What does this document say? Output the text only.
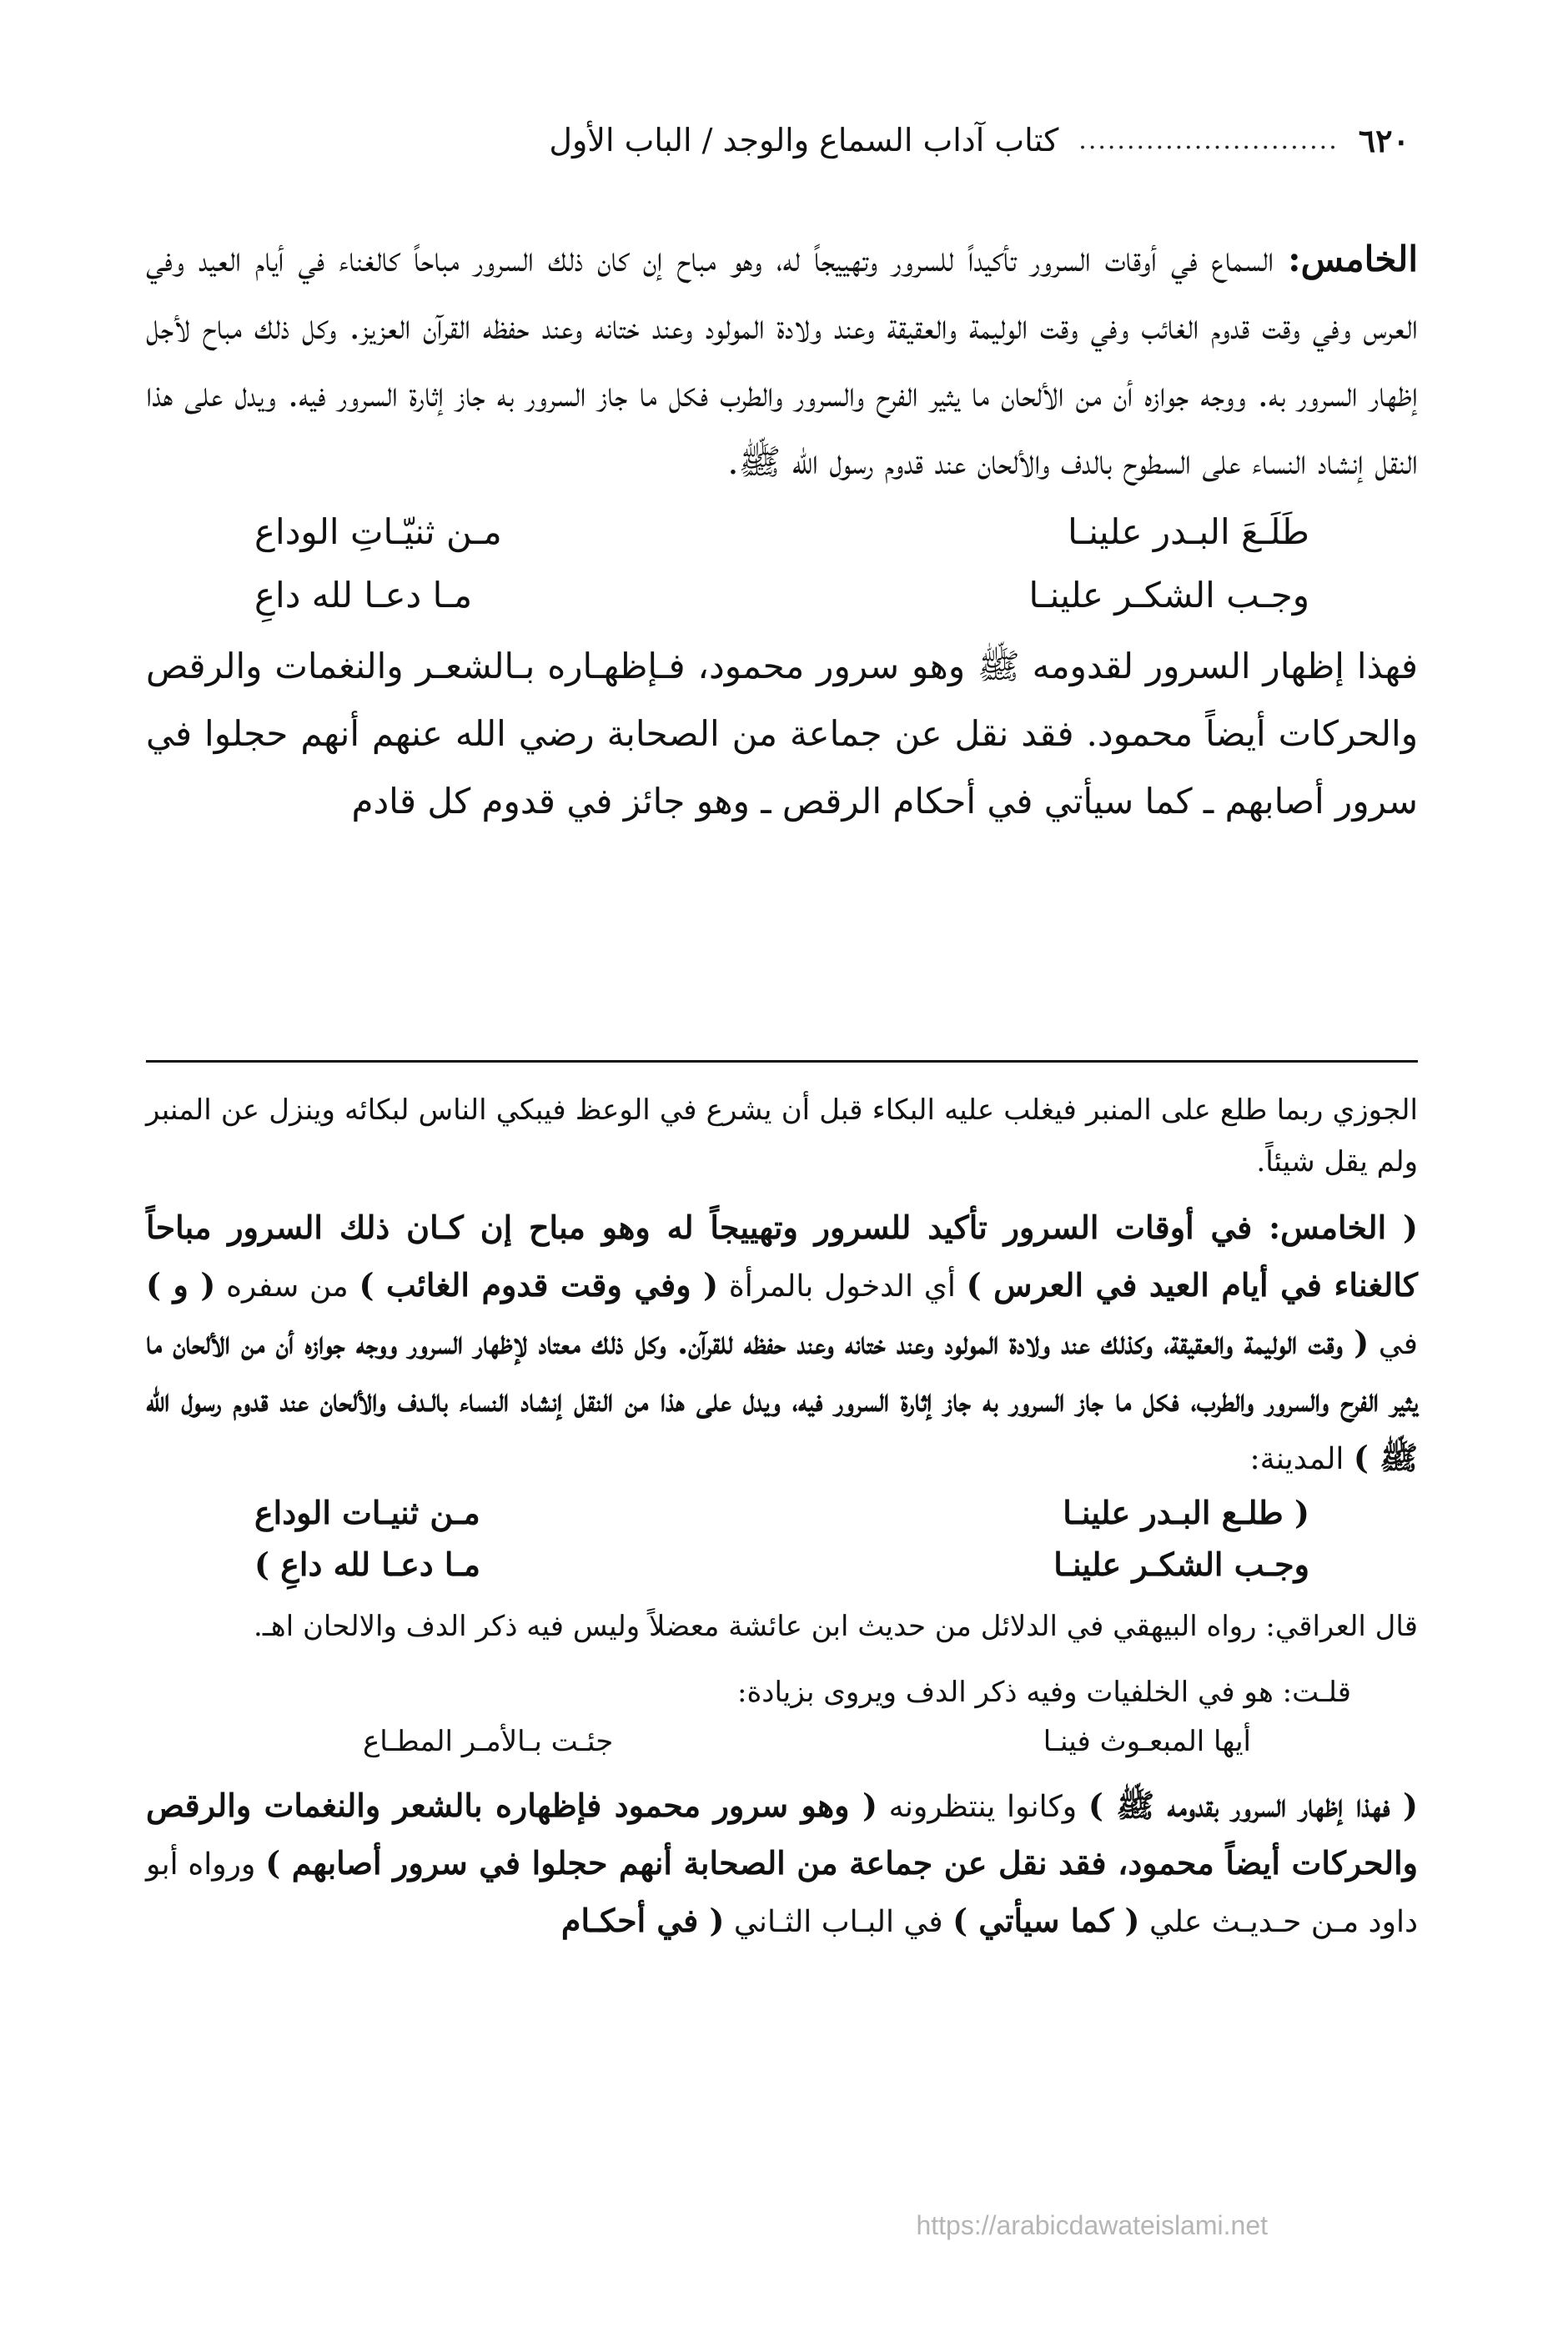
٦٢٠
...........................
كتاب آداب السماع والوجد / الباب الأول

الخامس: السماع في أوقات السرور تأكيداً للسرور وتهييجاً له، وهو مباح إن كان ذلك السرور مباحاً كالغناء في أيام العيد وفي العرس وفي وقت قدوم الغائب وفي وقت الوليمة والعقيقة وعند ولادة المولود وعند ختانه وعند حفظه القرآن العزيز. وكل ذلك مباح لأجل إظهار السرور به. ووجه جوازه أن من الألحان ما يثير الفرح والسرور والطرب فكل ما جاز السرور به جاز إثارة السرور فيه. ويدل على هذا النقل إنشاد النساء على السطوح بالدف والألحان عند قدوم رسول الله ﷺ.

طَلَـعَ البـدر علينـا
مـن ثنيّـاتِ الوداع
وجـب الشكـر علينـا
مـا دعـا لله داعِ

فهذا إظهار السرور لقدومه ﷺ وهو سرور محمود، فـإظهـاره بـالشعـر والنغمات والرقص والحركات أيضاً محمود. فقد نقل عن جماعة من الصحابة رضي الله عنهم أنهم حجلوا في سرور أصابهم ـ كما سيأتي في أحكام الرقص ـ وهو جائز في قدوم كل قادم

الجوزي ربما طلع على المنبر فيغلب عليه البكاء قبل أن يشرع في الوعظ فيبكي الناس لبكائه وينزل عن المنبر ولم يقل شيئاً.

( الخامس: في أوقات السرور تأكيد للسرور وتهييجاً له وهو مباح إن كـان ذلك السرور مباحاً كالغناء في أيام العيد في العرس ) أي الدخول بالمرأة ( وفي وقت قدوم الغائب ) من سفره ( و ) في ( وقت الوليمة والعقيقة، وكذلك عند ولادة المولود وعند ختانه وعند حفظه للقرآن. وكل ذلك معتاد لإظهار السرور ووجه جوازه أن من الألحان ما يثير الفرح والسرور والطرب، فكل ما جاز السرور به جاز إثارة السرور فيه، ويدل على هذا من النقل إنشاد النساء بالـدف والألحان عند قدوم رسول الله ﷺ ) المدينة:

( طلـع البـدر علينـا
مـن ثنيـات الوداع
وجـب الشكـر علينـا
مـا دعـا لله داعِ )

قال العراقي: رواه البيهقي في الدلائل من حديث ابن عائشة معضلاً وليس فيه ذكر الدف والالحان اهـ.

قلـت: هو في الخلفيات وفيه ذكر الدف ويروى بزيادة:

أيها المبعـوث فينـا
جئـت بـالأمـر المطـاع

( فهذا إظهار السرور بقدومه ﷺ ) وكانوا ينتظرونه ( وهو سرور محمود فإظهاره بالشعر والنغمات والرقص والحركات أيضاً محمود، فقد نقل عن جماعة من الصحابة أنهم حجلوا في سرور أصابهم ) ورواه أبو داود مـن حـديـث علي ( كما سيأتي ) في البـاب الثـاني ( في أحكـام

https://arabicdawateislami.net
